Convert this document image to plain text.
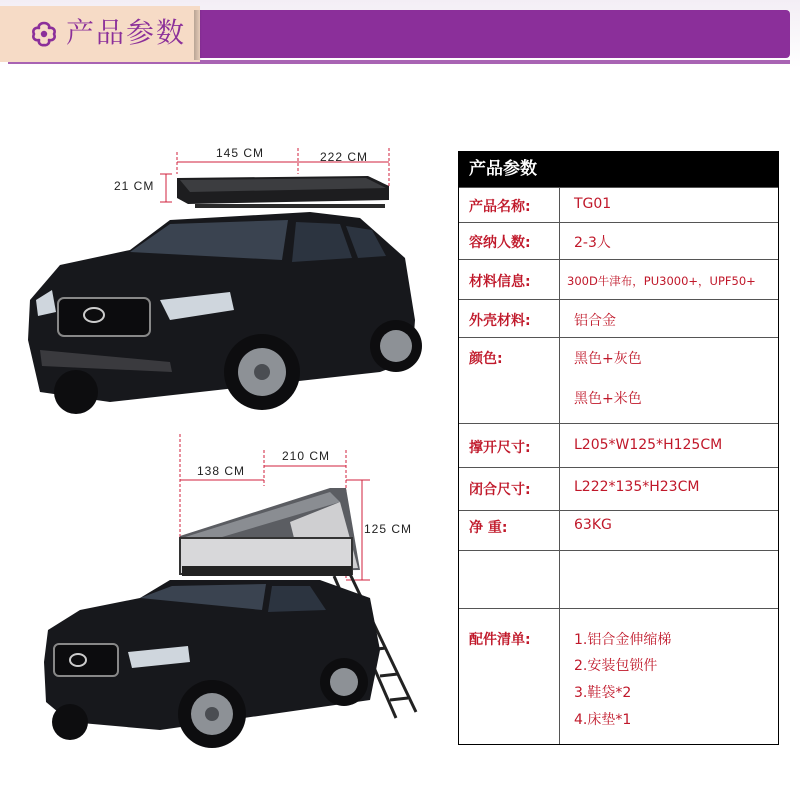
产品参数
145 CM	222 CM
21 CM
138 CM
210 CM
125 CM
产品参数
产品名称:	TG01
容纳人数:	2-3人
材料信息:	300D牛津布，PU3000+，UPF50+
外壳材料:	铝合金
颜色:	黑色+灰色
黑色+米色
撑开尺寸:	L205*W125*H125CM
闭合尺寸:	L222*135*H23CM
净 重:	63KG
配件清单:	1.铝合金伸缩梯
2.安装包锁件
3.鞋袋*2
4.床垫*1
